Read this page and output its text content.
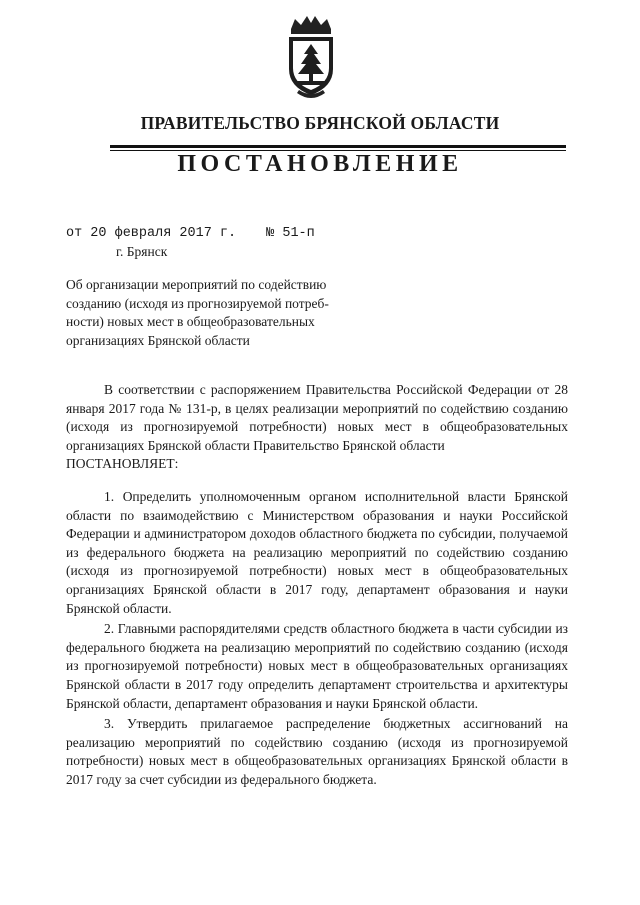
ПРАВИТЕЛЬСТВО БРЯНСКОЙ ОБЛАСТИ
ПОСТАНОВЛЕНИЕ
от 20 февраля 2017 г. № 51-п
г. Брянск
Об организации мероприятий по содействию
созданию (исходя из прогнозируемой потреб-
ности) новых мест в общеобразовательных
организациях Брянской области
В соответствии с распоряжением Правительства Российской Федерации от 28 января 2017 года № 131-р, в целях реализации мероприятий по содействию созданию (исходя из прогнозируемой потребности) новых мест в общеобразовательных организациях Брянской области Правительство Брянской области
ПОСТАНОВЛЯЕТ:
1. Определить уполномоченным органом исполнительной власти Брянской области по взаимодействию с Министерством образования и науки Российской Федерации и администратором доходов областного бюджета по субсидии, получаемой из федерального бюджета на реализацию мероприятий по содействию созданию (исходя из прогнозируемой потребности) новых мест в общеобразовательных организациях Брянской области в 2017 году, департамент образования и науки Брянской области.
2. Главными распорядителями средств областного бюджета в части субсидии из федерального бюджета на реализацию мероприятий по содействию созданию (исходя из прогнозируемой потребности) новых мест в общеобразовательных организациях Брянской области в 2017 году определить департамент строительства и архитектуры Брянской области, департамент образования и науки Брянской области.
3. Утвердить прилагаемое распределение бюджетных ассигнований на реализацию мероприятий по содействию созданию (исходя из прогнозируемой потребности) новых мест в общеобразовательных организациях Брянской области в 2017 году за счет субсидии из федерального бюджета.
